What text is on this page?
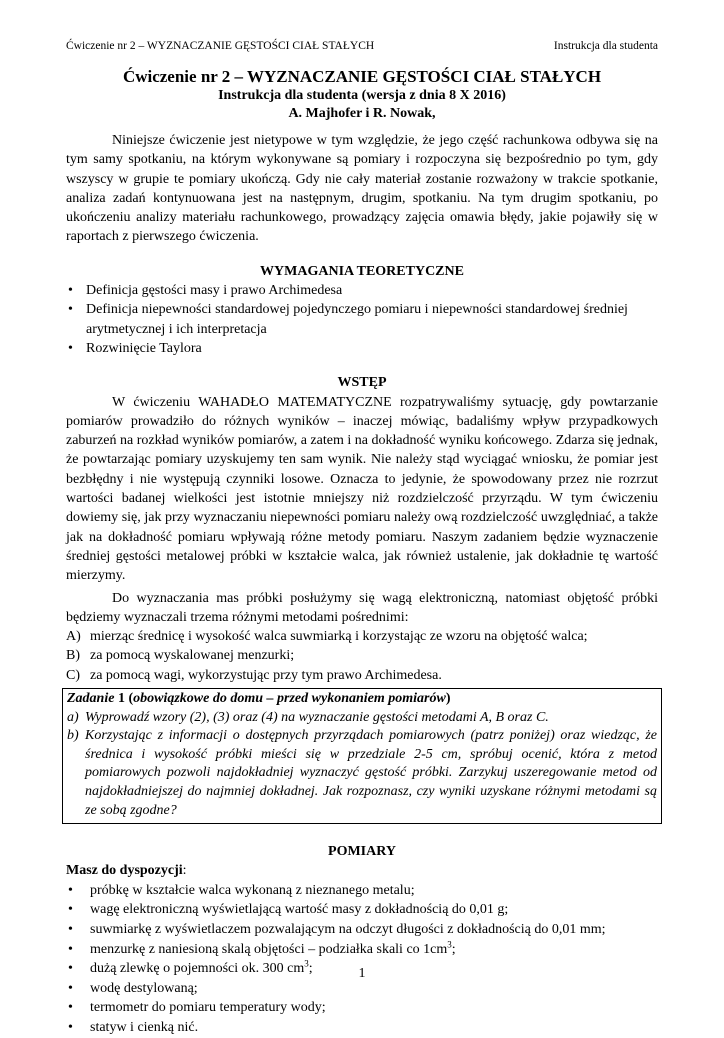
Ćwiczenie nr 2 – WYZNACZANIE GĘSTOŚCI CIAŁ STAŁYCH	Instrukcja dla studenta
Ćwiczenie nr 2 – WYZNACZANIE GĘSTOŚCI CIAŁ STAŁYCH
Instrukcja dla studenta (wersja z dnia 8 X 2016)
A. Majhofer i R. Nowak,

Niniejsze ćwiczenie jest nietypowe w tym względzie, że jego część rachunkowa odbywa się na tym samy spotkaniu, na którym wykonywane są pomiary i rozpoczyna się bezpośrednio po tym, gdy wszyscy w grupie te pomiary ukończą. Gdy nie cały materiał zostanie rozważony w trakcie spotkanie, analiza zadań kontynuowana jest na następnym, drugim, spotkaniu. Na tym drugim spotkaniu, po ukończeniu analizy materiału rachunkowego, prowadzący zajęcia omawia błędy, jakie pojawiły się w raportach z pierwszego ćwiczenia.

WYMAGANIA TEORETYCZNE
• Definicja gęstości masy i prawo Archimedesa
• Definicja niepewności standardowej pojedynczego pomiaru i niepewności standardowej średniej arytmetycznej i ich interpretacja
• Rozwinięcie Taylora
WSTĘP

W ćwiczeniu WAHADŁO MATEMATYCZNE rozpatrywaliśmy sytuację, gdy powtarzanie pomiarów prowadziło do różnych wyników – inaczej mówiąc, badaliśmy wpływ przypadkowych zaburzeń na rozkład wyników pomiarów, a zatem i na dokładność wyniku końcowego. Zdarza się jednak, że powtarzając pomiary uzyskujemy ten sam wynik. Nie należy stąd wyciągać wniosku, że pomiar jest bezbłędny i nie występują czynniki losowe. Oznacza to jedynie, że spowodowany przez nie rozrzut wartości badanej wielkości jest istotnie mniejszy niż rozdzielczość przyrządu. W tym ćwiczeniu dowiemy się, jak przy wyznaczaniu niepewności pomiaru należy ową rozdzielczość uwzględniać, a także jak na dokładność pomiaru wpływają różne metody pomiaru. Naszym zadaniem będzie wyznaczenie średniej gęstości metalowej próbki w kształcie walca, jak również ustalenie, jak dokładnie tę wartość mierzymy.

Do wyznaczania mas próbki posłużymy się wagą elektroniczną, natomiast objętość próbki będziemy wyznaczali trzema różnymi metodami pośrednimi:

A) mierząc średnicę i wysokość walca suwmiarką i korzystając ze wzoru na objętość walca;
B) za pomocą wyskalowanej menzurki;
C) za pomocą wagi, wykorzystując przy tym prawo Archimedesa.
Zadanie 1 (obowiązkowe do domu – przed wykonaniem pomiarów)
a) Wyprowadź wzory (2), (3) oraz (4) na wyznaczanie gęstości metodami A, B oraz C.
b) Korzystając z informacji o dostępnych przyrządach pomiarowych (patrz poniżej) oraz wiedząc, że średnica i wysokość próbki mieści się w przedziale 2-5 cm, spróbuj ocenić, która z metod pomiarowych pozwoli najdokładniej wyznaczyć gęstość próbki. Zarzykuj uszeregowanie metod od najdokładniejszej do najmniej dokładnej. Jak rozpoznasz, czy wyniki uzyskane różnymi metodami są ze sobą zgodne?
POMIARY
Masz do dyspozycji:
• próbkę w kształcie walca wykonaną z nieznanego metalu;
• wagę elektroniczną wyświetlającą wartość masy z dokładnością do 0,01 g;
• suwmiarkę z wyświetlaczem pozwalającym na odczyt długości z dokładnością do 0,01 mm;
• menzurkę z naniesioną skalą objętości – podziałka skali co $1cm^3$;
• dużą zlewkę o pojemności ok. 300 $cm^3$;
• wodę destylowaną;
• termometr do pomiaru temperatury wody;
• statyw i cienką nić.
1
